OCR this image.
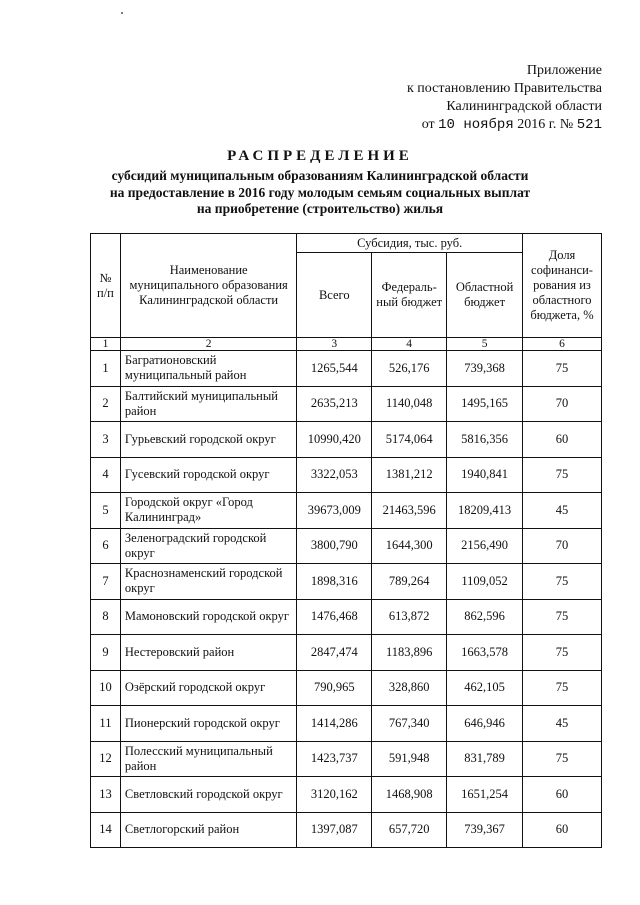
Приложение
к постановлению Правительства
Калининградской области
от 10 ноября 2016 г. № 521
РАСПРЕДЕЛЕНИЕ
субсидий муниципальным образованиям Калининградской области
на предоставление в 2016 году молодым семьям социальных выплат
на приобретение (строительство) жилья
№ п/п	Наименование муниципального образования Калининградской области	Субсидия, тыс. руб.			Доля софинанси-рования из областного бюджета, %
		Всего	Федераль-ный бюджет	Областной бюджет	
1	2	3	4	5	6
1	Багратионовский муниципальный район	1265,544	526,176	739,368	75
2	Балтийский муниципальный район	2635,213	1140,048	1495,165	70
3	Гурьевский городской округ	10990,420	5174,064	5816,356	60
4	Гусевский городской округ	3322,053	1381,212	1940,841	75
5	Городской округ «Город Калининград»	39673,009	21463,596	18209,413	45
6	Зеленоградский городской округ	3800,790	1644,300	2156,490	70
7	Краснознаменский городской округ	1898,316	789,264	1109,052	75
8	Мамоновский городской округ	1476,468	613,872	862,596	75
9	Нестеровский район	2847,474	1183,896	1663,578	75
10	Озёрский городской округ	790,965	328,860	462,105	75
11	Пионерский городской округ	1414,286	767,340	646,946	45
12	Полесский муниципальный район	1423,737	591,948	831,789	75
13	Светловский городской округ	3120,162	1468,908	1651,254	60
14	Светлогорский район	1397,087	657,720	739,367	60
